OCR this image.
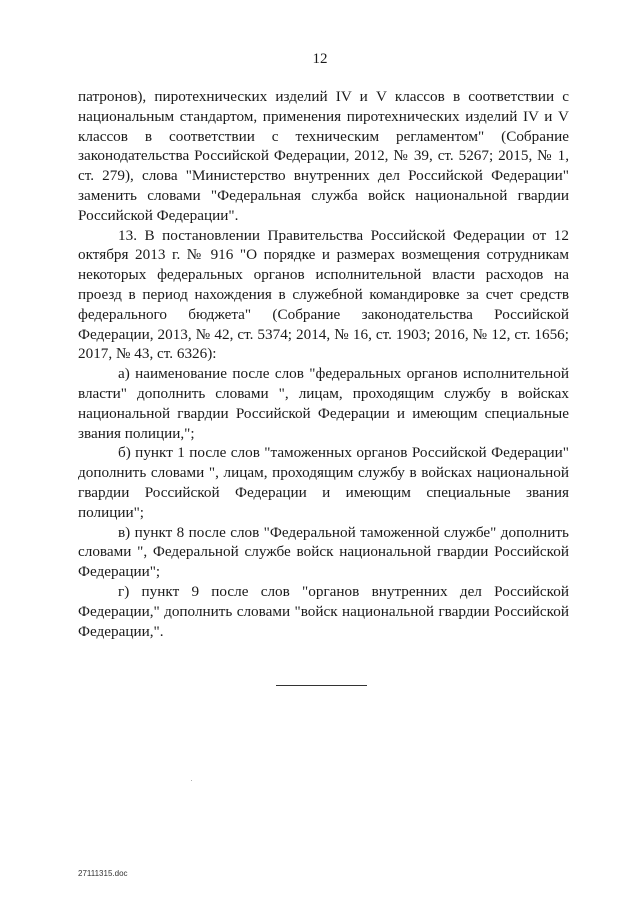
12

патронов), пиротехнических изделий IV и V классов в соответствии с национальным стандартом, применения пиротехнических изделий IV и V классов в соответствии с техническим регламентом" (Собрание законодательства Российской Федерации, 2012, № 39, ст. 5267; 2015, № 1, ст. 279), слова "Министерство внутренних дел Российской Федерации" заменить словами "Федеральная служба войск национальной гвардии Российской Федерации".

13. В постановлении Правительства Российской Федерации от 12 октября 2013 г. № 916 "О порядке и размерах возмещения сотрудникам некоторых федеральных органов исполнительной власти расходов на проезд в период нахождения в служебной командировке за счет средств федерального бюджета" (Собрание законодательства Российской Федерации, 2013, № 42, ст. 5374; 2014, № 16, ст. 1903; 2016, № 12, ст. 1656; 2017, № 43, ст. 6326):

а) наименование после слов "федеральных органов исполнительной власти" дополнить словами ", лицам, проходящим службу в войсках национальной гвардии Российской Федерации и имеющим специальные звания полиции,";

б) пункт 1 после слов "таможенных органов Российской Федерации" дополнить словами ", лицам, проходящим службу в войсках национальной гвардии Российской Федерации и имеющим специальные звания полиции";

в) пункт 8 после слов "Федеральной таможенной службе" дополнить словами ", Федеральной службе войск национальной гвардии Российской Федерации";

г) пункт 9 после слов "органов внутренних дел Российской Федерации," дополнить словами "войск национальной гвардии Российской Федерации,".

27111315.doc
